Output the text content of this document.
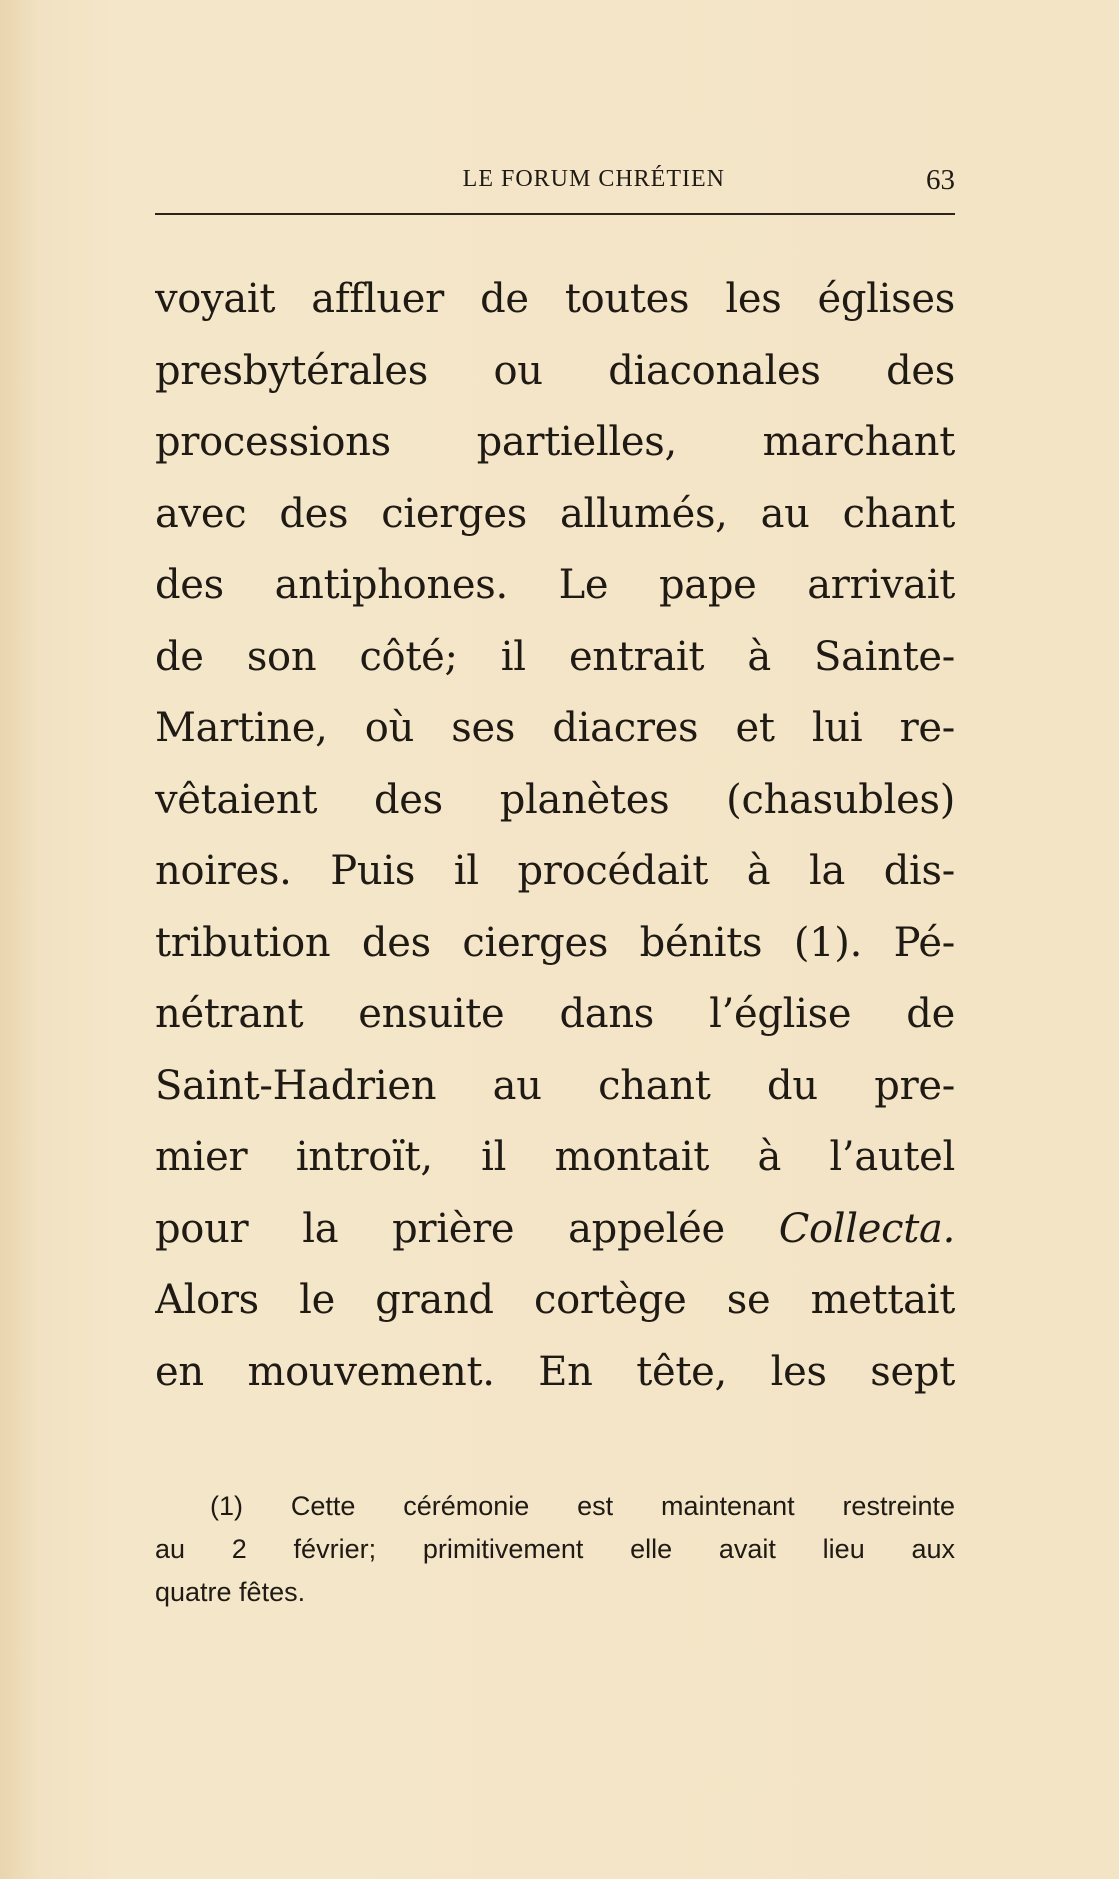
LE FORUM CHRÉTIEN	63
voyait affluer de toutes les églises
presbytérales ou diaconales des
processions partielles, marchant
avec des cierges allumés, au chant
des antiphones. Le pape arrivait
de son côté; il entrait à Sainte-
Martine, où ses diacres et lui re-
vêtaient des planètes (chasubles)
noires. Puis il procédait à la dis-
tribution des cierges bénits (1). Pé-
nétrant ensuite dans l’église de
Saint-Hadrien au chant du pre-
mier introït, il montait à l’autel
pour la prière appelée Collecta.
Alors le grand cortège se mettait
en mouvement. En tête, les sept
(1) Cette cérémonie est maintenant restreinte
au 2 février; primitivement elle avait lieu aux
quatre fêtes.
